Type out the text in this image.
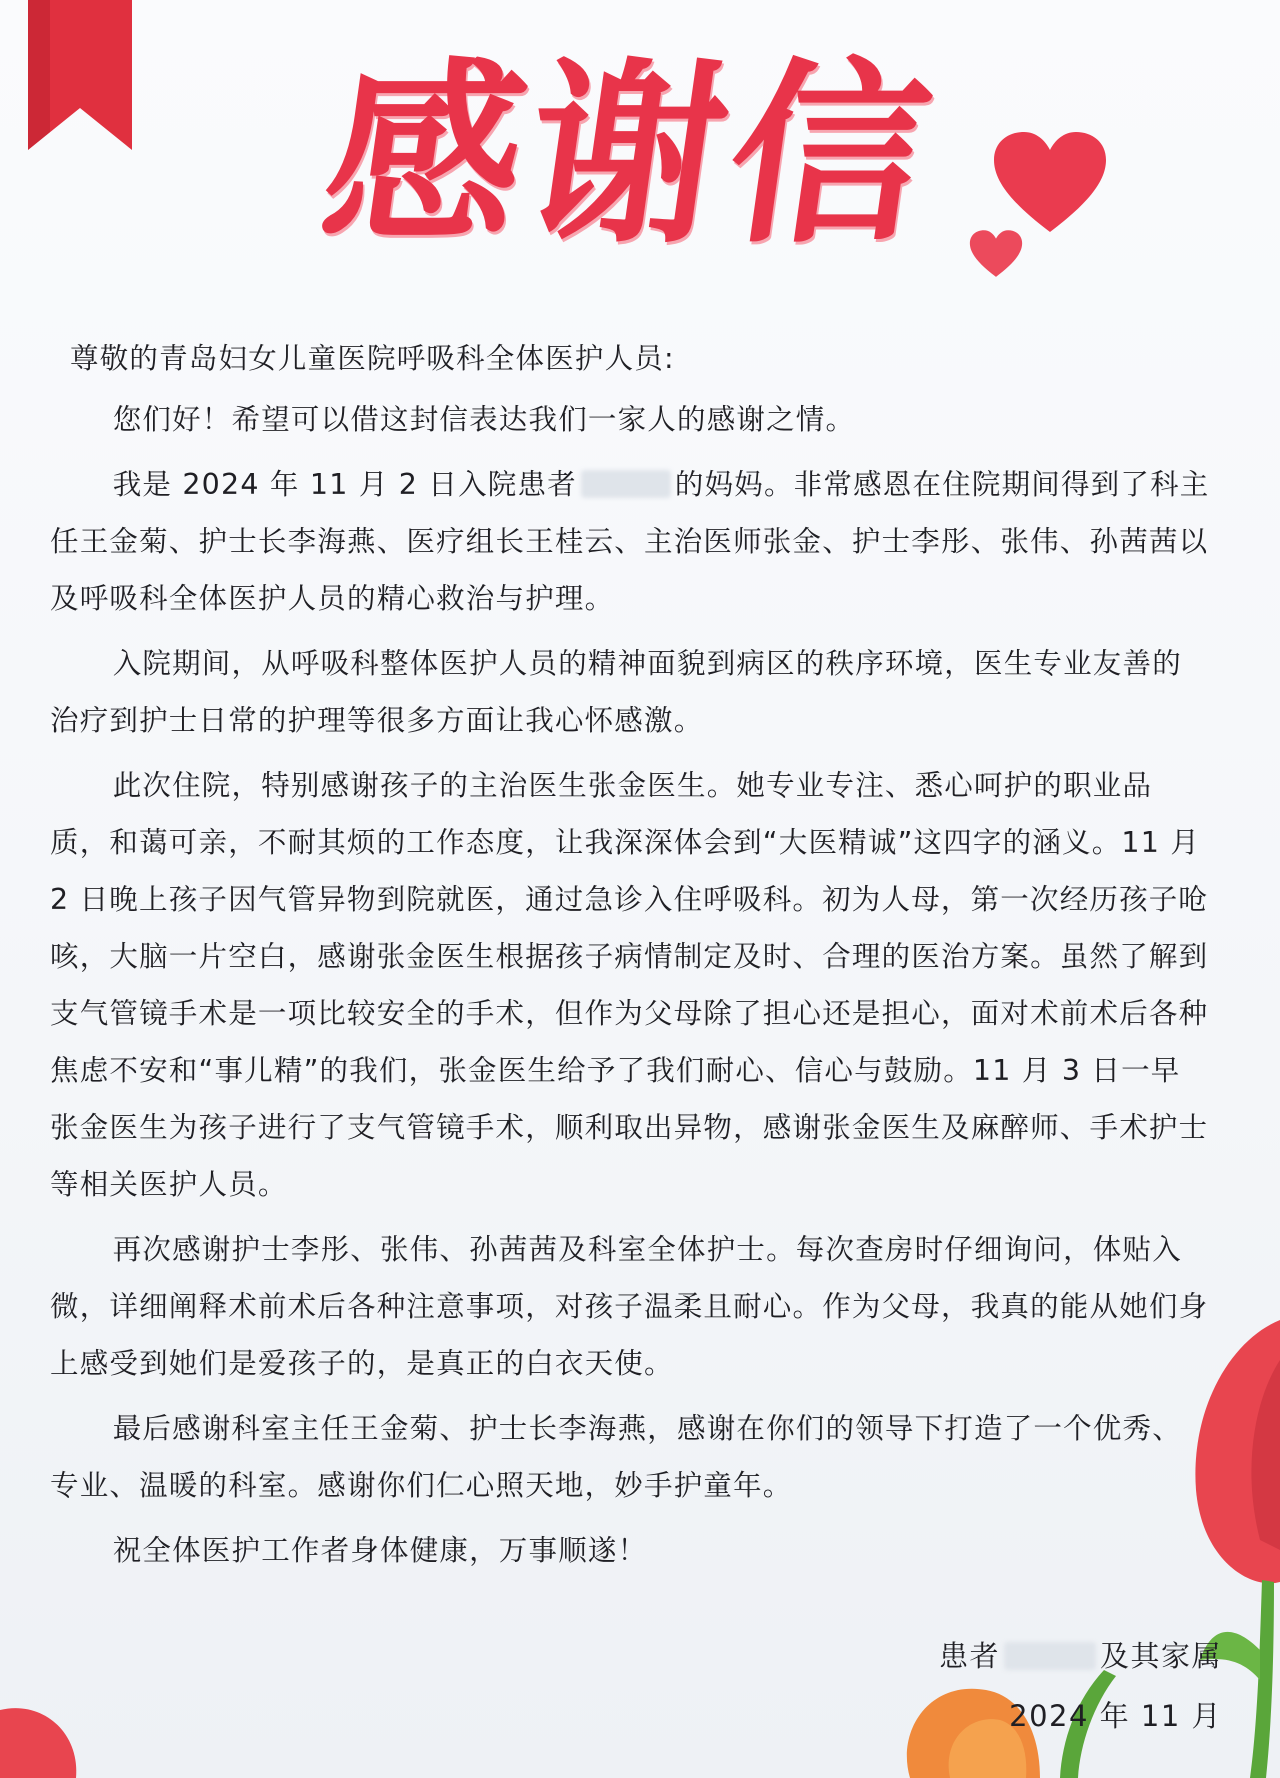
感谢信
尊敬的青岛妇女儿童医院呼吸科全体医护人员:
您们好！希望可以借这封信表达我们一家人的感谢之情。
我是 2024 年 11 月 2 日入院患者	的妈妈。非常感恩在住院期间得到了科主任王金菊、护士长李海燕、医疗组长王桂云、主治医师张金、护士李彤、张伟、孙茜茜以及呼吸科全体医护人员的精心救治与护理。
入院期间，从呼吸科整体医护人员的精神面貌到病区的秩序环境，医生专业友善的治疗到护士日常的护理等很多方面让我心怀感激。
此次住院，特别感谢孩子的主治医生张金医生。她专业专注、悉心呵护的职业品质，和蔼可亲，不耐其烦的工作态度，让我深深体会到“大医精诚”这四字的涵义。11 月 2 日晚上孩子因气管异物到院就医，通过急诊入住呼吸科。初为人母，第一次经历孩子呛咳，大脑一片空白，感谢张金医生根据孩子病情制定及时、合理的医治方案。虽然了解到支气管镜手术是一项比较安全的手术，但作为父母除了担心还是担心，面对术前术后各种焦虑不安和“事儿精”的我们，张金医生给予了我们耐心、信心与鼓励。11 月 3 日一早张金医生为孩子进行了支气管镜手术，顺利取出异物，感谢张金医生及麻醉师、手术护士等相关医护人员。
再次感谢护士李彤、张伟、孙茜茜及科室全体护士。每次查房时仔细询问，体贴入微，详细阐释术前术后各种注意事项，对孩子温柔且耐心。作为父母，我真的能从她们身上感受到她们是爱孩子的，是真正的白衣天使。
最后感谢科室主任王金菊、护士长李海燕，感谢在你们的领导下打造了一个优秀、专业、温暖的科室。感谢你们仁心照天地，妙手护童年。
祝全体医护工作者身体健康，万事顺遂！
患者	及其家属
2024 年 11 月
